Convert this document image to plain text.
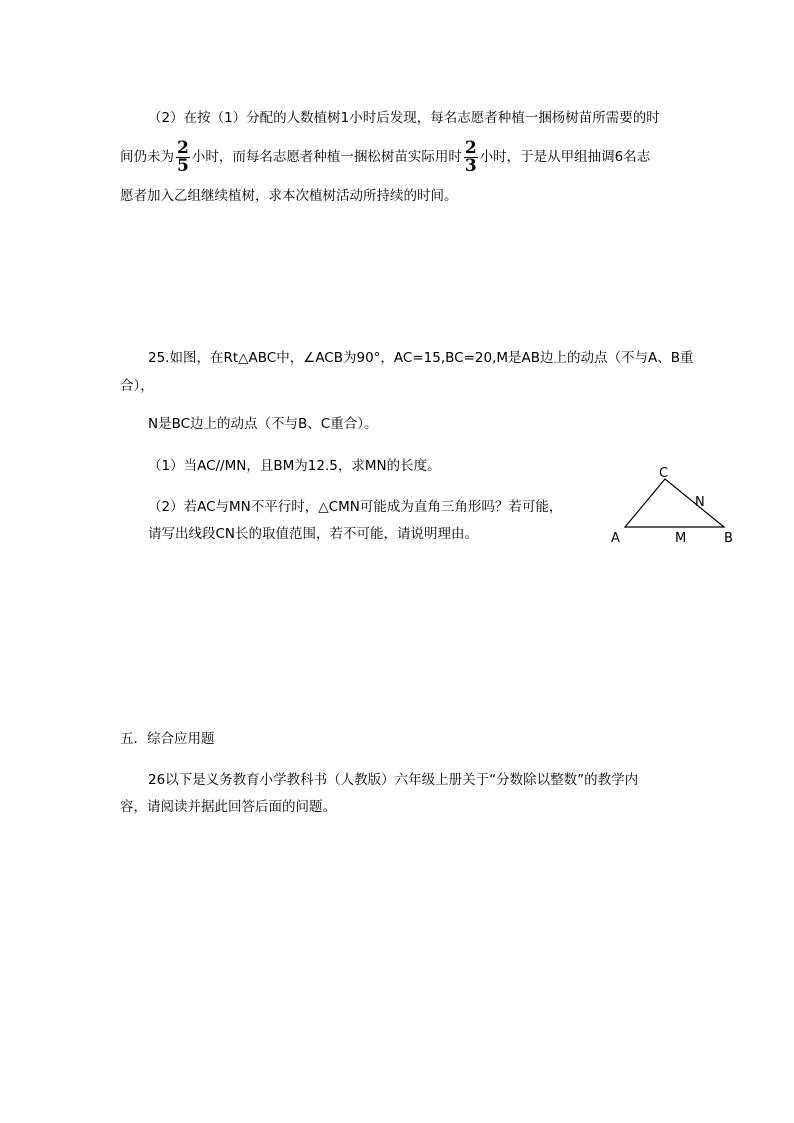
（2）在按（1）分配的人数植树1小时后发现，每名志愿者种植一捆杨树苗所需要的时
间仍未为 $\frac{2}{5}$ 小时，而每名志愿者种植一捆松树苗实际用时 $\frac{2}{3}$ 小时，于是从甲组抽调6名志
愿者加入乙组继续植树，求本次植树活动所持续的时间。
25.如图，在Rt△ABC中，∠ACB为90°，AC=15,BC=20,M是AB边上的动点（不与A、B重
合），
N是BC边上的动点（不与B、C重合）。
（1）当AC//MN，且BM为12.5，求MN的长度。
（2）若AC与MN不平行时，△CMN可能成为直角三角形吗？若可能，
请写出线段CN长的取值范围，若不可能，请说明理由。
C
N
A	M	B
五．综合应用题
26以下是义务教育小学教科书（人教版）六年级上册关于“分数除以整数”的教学内
容，请阅读并据此回答后面的问题。
